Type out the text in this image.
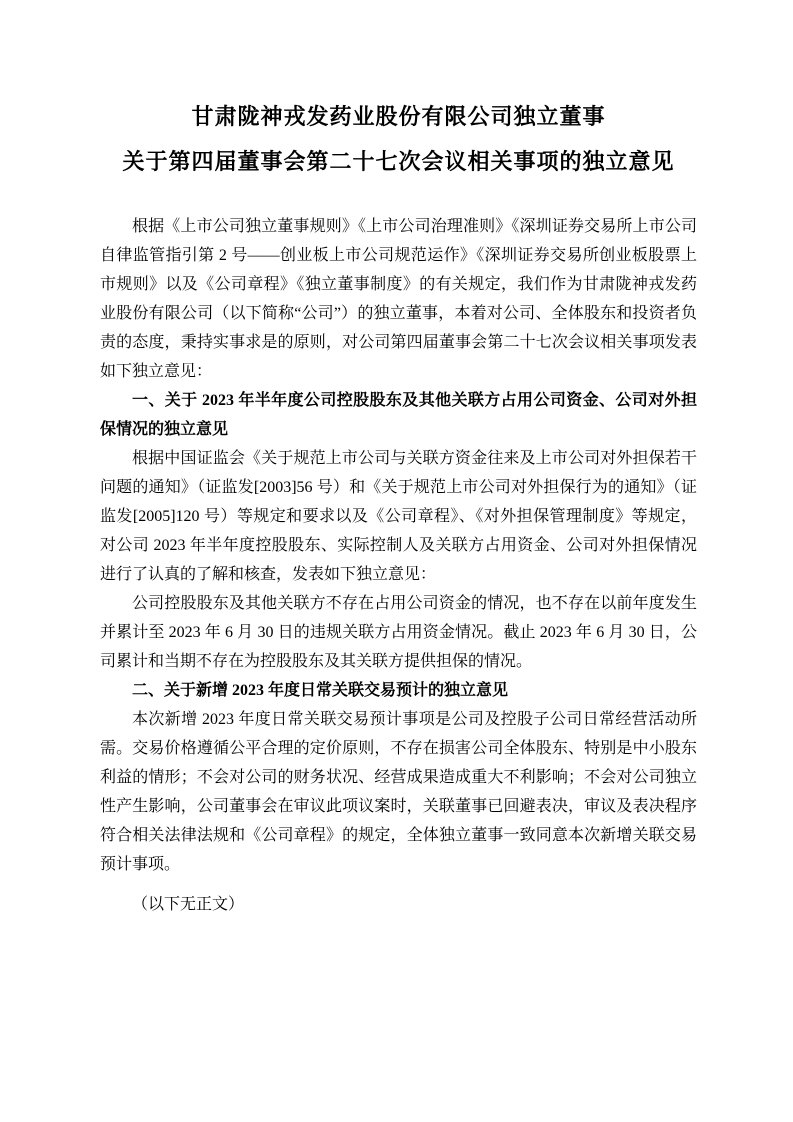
甘肃陇神戎发药业股份有限公司独立董事
关于第四届董事会第二十七次会议相关事项的独立意见

根据《上市公司独立董事规则》《上市公司治理准则》《深圳证券交易所上市公司自律监管指引第 2 号——创业板上市公司规范运作》《深圳证券交易所创业板股票上市规则》以及《公司章程》《独立董事制度》的有关规定，我们作为甘肃陇神戎发药业股份有限公司（以下简称“公司”）的独立董事，本着对公司、全体股东和投资者负责的态度，秉持实事求是的原则，对公司第四届董事会第二十七次会议相关事项发表如下独立意见：

一、关于 2023 年半年度公司控股股东及其他关联方占用公司资金、公司对外担保情况的独立意见

根据中国证监会《关于规范上市公司与关联方资金往来及上市公司对外担保若干问题的通知》（证监发[2003]56 号）和《关于规范上市公司对外担保行为的通知》（证监发[2005]120 号）等规定和要求以及《公司章程》、《对外担保管理制度》等规定，对公司 2023 年半年度控股股东、实际控制人及关联方占用资金、公司对外担保情况进行了认真的了解和核查，发表如下独立意见：

公司控股股东及其他关联方不存在占用公司资金的情况，也不存在以前年度发生并累计至 2023 年 6 月 30 日的违规关联方占用资金情况。截止 2023 年 6 月 30 日，公司累计和当期不存在为控股股东及其关联方提供担保的情况。

二、关于新增 2023 年度日常关联交易预计的独立意见

本次新增 2023 年度日常关联交易预计事项是公司及控股子公司日常经营活动所需。交易价格遵循公平合理的定价原则，不存在损害公司全体股东、特别是中小股东利益的情形；不会对公司的财务状况、经营成果造成重大不利影响；不会对公司独立性产生影响，公司董事会在审议此项议案时，关联董事已回避表决，审议及表决程序符合相关法律法规和《公司章程》的规定，全体独立董事一致同意本次新增关联交易预计事项。

（以下无正文）
